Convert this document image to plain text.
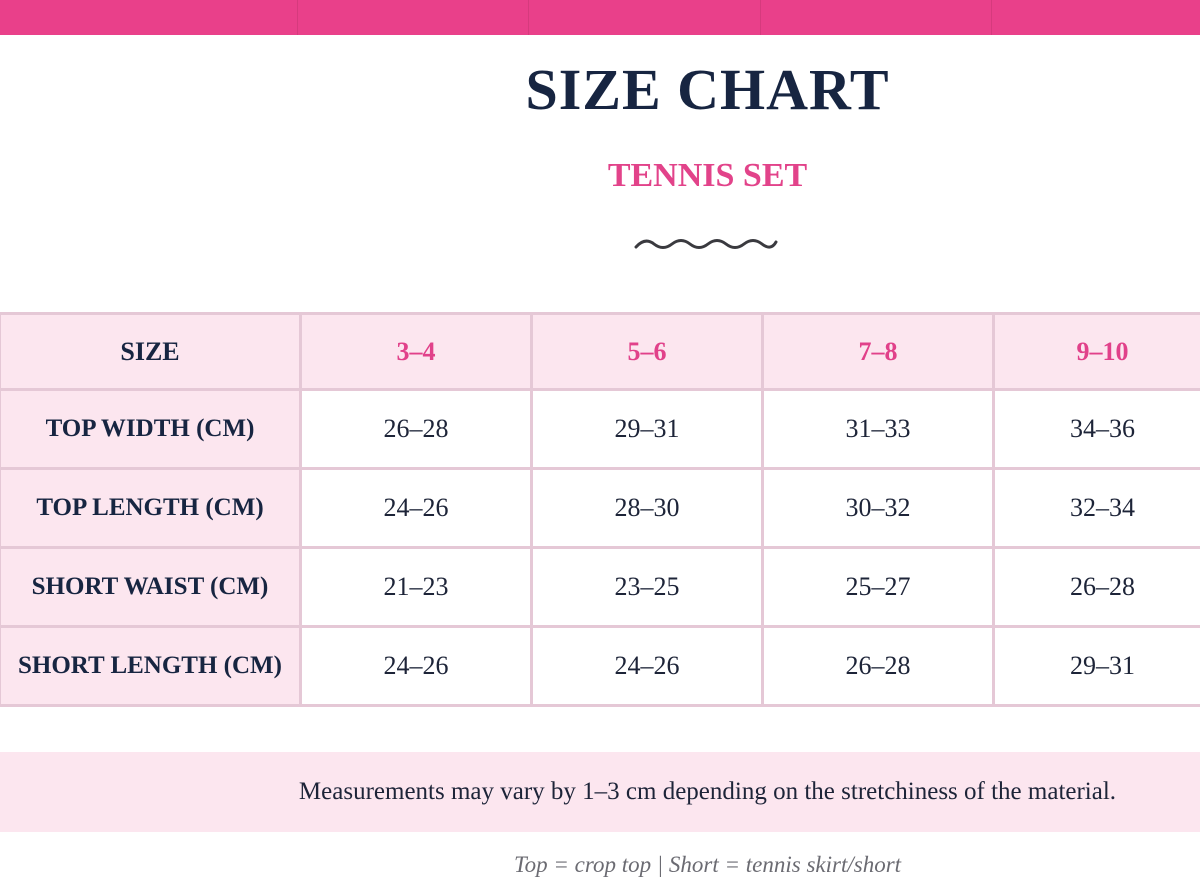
SIZE CHART
TENNIS SET
SIZE	3–4	5–6	7–8	9–10
TOP WIDTH (CM)	26–28	29–31	31–33	34–36
TOP LENGTH (CM)	24–26	28–30	30–32	32–34
SHORT WAIST (CM)	21–23	23–25	25–27	26–28
SHORT LENGTH (CM)	24–26	24–26	26–28	29–31
Measurements may vary by 1–3 cm depending on the stretchiness of the material.
Top = crop top | Short = tennis skirt/short
